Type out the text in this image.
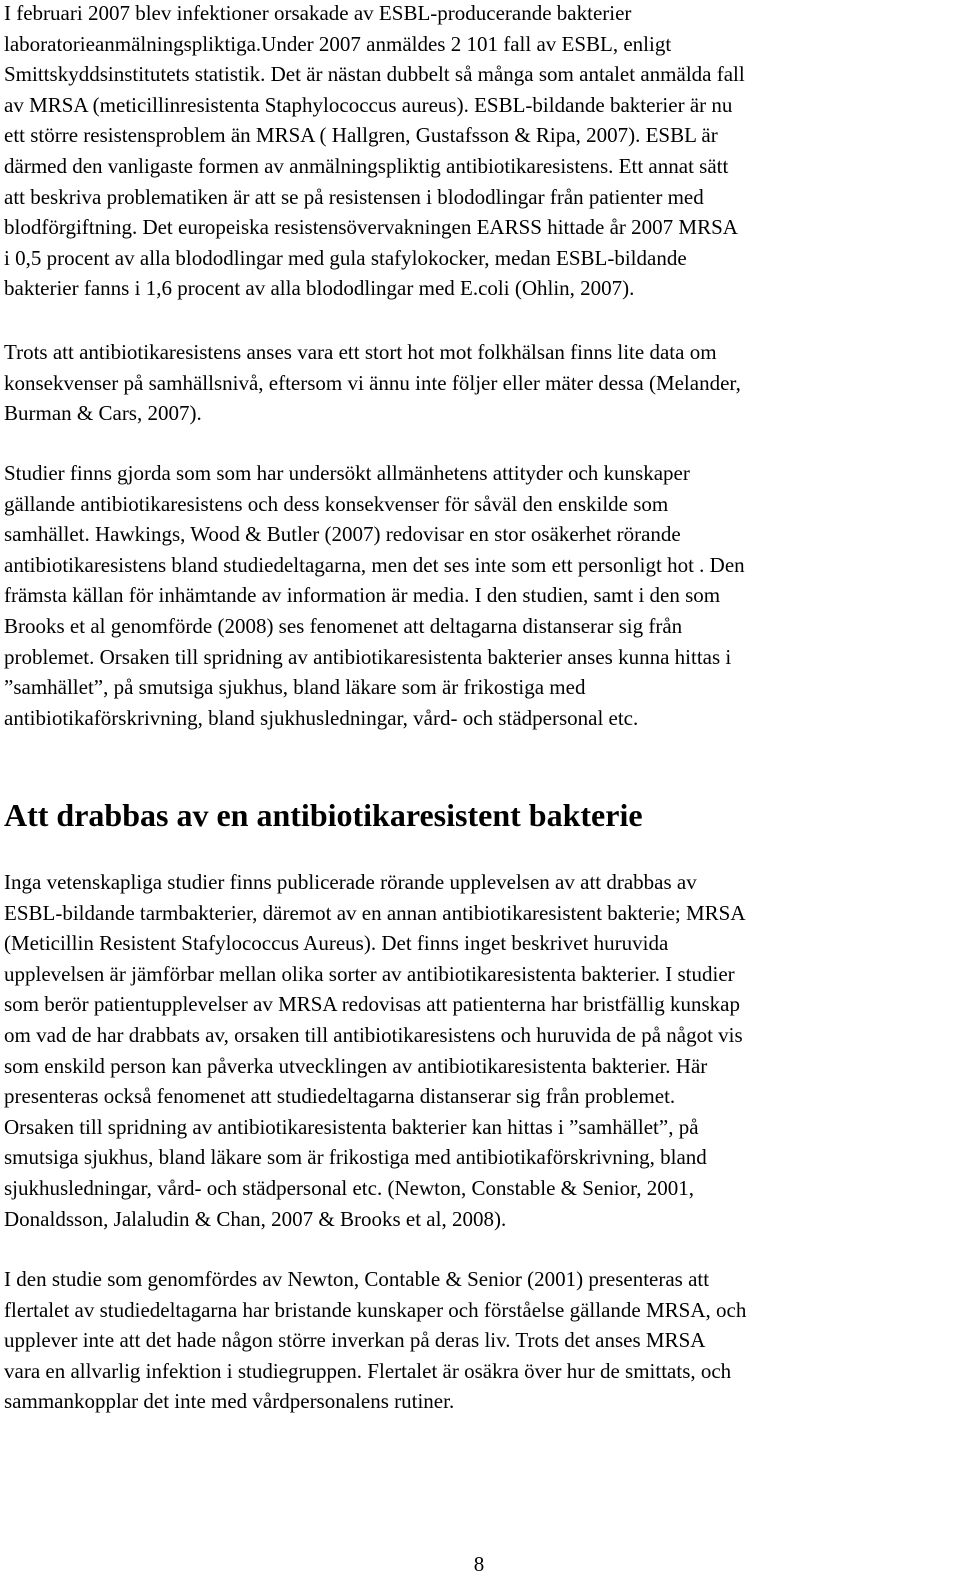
I februari 2007 blev infektioner orsakade av ESBL-producerande bakterier
laboratorieanmälningspliktiga.Under 2007 anmäldes 2 101 fall av ESBL, enligt
Smittskyddsinstitutets statistik. Det är nästan dubbelt så många som antalet anmälda fall
av MRSA (meticillinresistenta Staphylococcus aureus). ESBL-bildande bakterier är nu
ett större resistensproblem än MRSA ( Hallgren, Gustafsson & Ripa, 2007). ESBL är
därmed den vanligaste formen av anmälningspliktig antibiotikaresistens. Ett annat sätt
att beskriva problematiken är att se på resistensen i blododlingar från patienter med
blodförgiftning. Det europeiska resistensövervakningen EARSS hittade år 2007 MRSA
i 0,5 procent av alla blododlingar med gula stafylokocker, medan ESBL-bildande
bakterier fanns i 1,6 procent av alla blododlingar med E.coli (Ohlin, 2007).

Trots att antibiotikaresistens anses vara ett stort hot mot folkhälsan finns lite data om
konsekvenser på samhällsnivå, eftersom vi ännu inte följer eller mäter dessa (Melander,
Burman & Cars, 2007).

Studier finns gjorda som som har undersökt allmänhetens attityder och kunskaper
gällande antibiotikaresistens och dess konsekvenser för såväl den enskilde som
samhället. Hawkings, Wood & Butler (2007) redovisar en stor osäkerhet rörande
antibiotikaresistens bland studiedeltagarna, men det ses inte som ett personligt hot . Den
främsta källan för inhämtande av information är media. I den studien, samt i den som
Brooks et al genomförde (2008) ses fenomenet att deltagarna distanserar sig från
problemet. Orsaken till spridning av antibiotikaresistenta bakterier anses kunna hittas i
”samhället”, på smutsiga sjukhus, bland läkare som är frikostiga med
antibiotikaförskrivning, bland sjukhusledningar, vård- och städpersonal etc.

Att drabbas av en antibiotikaresistent bakterie

Inga vetenskapliga studier finns publicerade rörande upplevelsen av att drabbas av
ESBL-bildande tarmbakterier, däremot av en annan antibiotikaresistent bakterie; MRSA
(Meticillin Resistent Stafylococcus Aureus). Det finns inget beskrivet huruvida
upplevelsen är jämförbar mellan olika sorter av antibiotikaresistenta bakterier. I studier
som berör patientupplevelser av MRSA redovisas att patienterna har bristfällig kunskap
om vad de har drabbats av, orsaken till antibiotikaresistens och huruvida de på något vis
som enskild person kan påverka utvecklingen av antibiotikaresistenta bakterier. Här
presenteras också fenomenet att studiedeltagarna distanserar sig från problemet.
Orsaken till spridning av antibiotikaresistenta bakterier kan hittas i ”samhället”, på
smutsiga sjukhus, bland läkare som är frikostiga med antibiotikaförskrivning, bland
sjukhusledningar, vård- och städpersonal etc. (Newton, Constable & Senior, 2001,
Donaldsson, Jalaludin & Chan, 2007 & Brooks et al, 2008).

I den studie som genomfördes av Newton, Contable & Senior (2001) presenteras att
flertalet av studiedeltagarna har bristande kunskaper och förståelse gällande MRSA, och
upplever inte att det hade någon större inverkan på deras liv. Trots det anses MRSA
vara en allvarlig infektion i studiegruppen. Flertalet är osäkra över hur de smittats, och
sammankopplar det inte med vårdpersonalens rutiner.

8
